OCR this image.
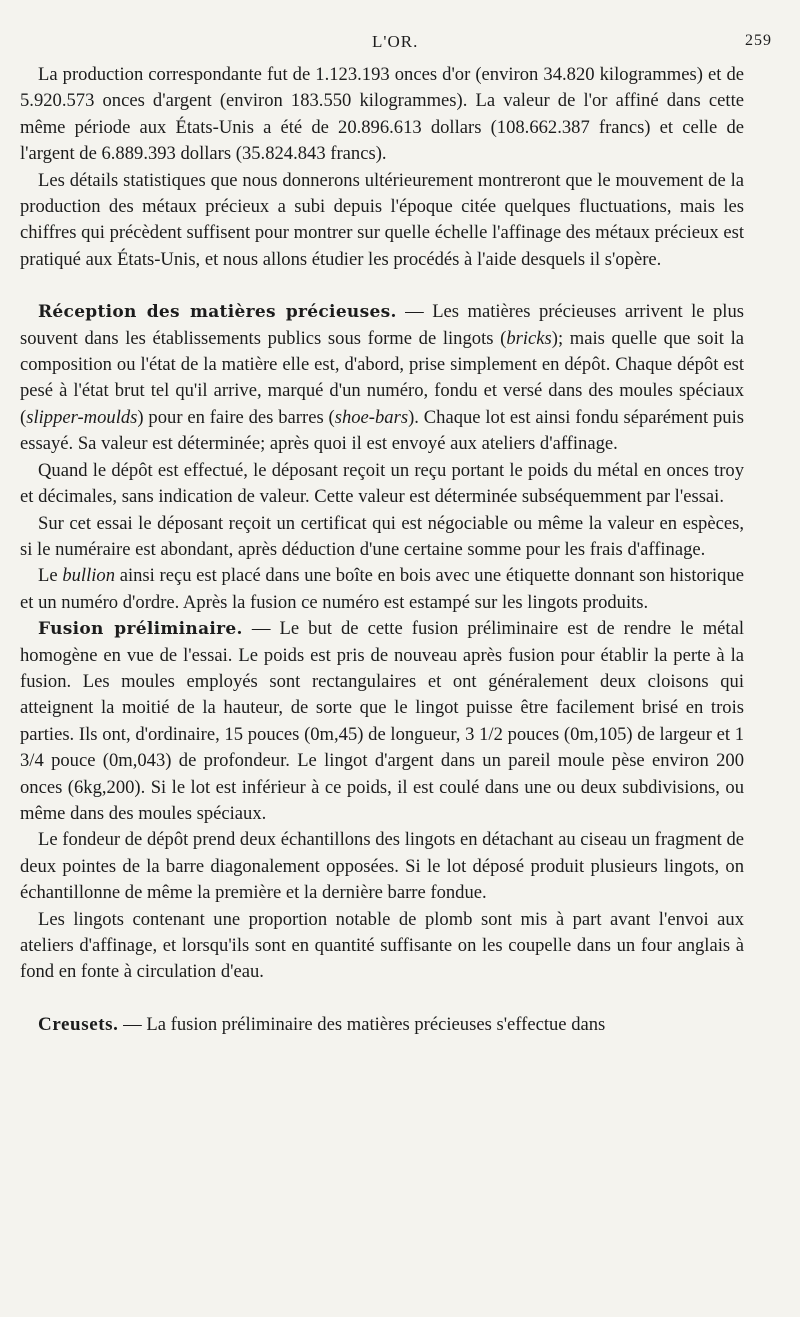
L'OR.	259

La production correspondante fut de 1.123.193 onces d'or (environ 34.820 kilogrammes) et de 5.920.573 onces d'argent (environ 183.550 kilogrammes). La valeur de l'or affiné dans cette même période aux États-Unis a été de 20.896.613 dollars (108.662.387 francs) et celle de l'argent de 6.889.393 dollars (35.824.843 francs).

Les détails statistiques que nous donnerons ultérieurement montreront que le mouvement de la production des métaux précieux a subi depuis l'époque citée quelques fluctuations, mais les chiffres qui précèdent suffisent pour montrer sur quelle échelle l'affinage des métaux précieux est pratiqué aux États-Unis, et nous allons étudier les procédés à l'aide desquels il s'opère.

Réception des matières précieuses. — Les matières précieuses arrivent le plus souvent dans les établissements publics sous forme de lingots (bricks); mais quelle que soit la composition ou l'état de la matière elle est, d'abord, prise simplement en dépôt. Chaque dépôt est pesé à l'état brut tel qu'il arrive, marqué d'un numéro, fondu et versé dans des moules spéciaux (slipper-moulds) pour en faire des barres (shoe-bars). Chaque lot est ainsi fondu séparément puis essayé. Sa valeur est déterminée; après quoi il est envoyé aux ateliers d'affinage.

Quand le dépôt est effectué, le déposant reçoit un reçu portant le poids du métal en onces troy et décimales, sans indication de valeur. Cette valeur est déterminée subséquemment par l'essai.

Sur cet essai le déposant reçoit un certificat qui est négociable ou même la valeur en espèces, si le numéraire est abondant, après déduction d'une certaine somme pour les frais d'affinage.

Le bullion ainsi reçu est placé dans une boîte en bois avec une étiquette donnant son historique et un numéro d'ordre. Après la fusion ce numéro est estampé sur les lingots produits.

Fusion préliminaire. — Le but de cette fusion préliminaire est de rendre le métal homogène en vue de l'essai. Le poids est pris de nouveau après fusion pour établir la perte à la fusion. Les moules employés sont rectangulaires et ont généralement deux cloisons qui atteignent la moitié de la hauteur, de sorte que le lingot puisse être facilement brisé en trois parties. Ils ont, d'ordinaire, 15 pouces (0m,45) de longueur, 3 1/2 pouces (0m,105) de largeur et 1 3/4 pouce (0m,043) de profondeur. Le lingot d'argent dans un pareil moule pèse environ 200 onces (6kg,200). Si le lot est inférieur à ce poids, il est coulé dans une ou deux subdivisions, ou même dans des moules spéciaux.

Le fondeur de dépôt prend deux échantillons des lingots en détachant au ciseau un fragment de deux pointes de la barre diagonalement opposées. Si le lot déposé produit plusieurs lingots, on échantillonne de même la première et la dernière barre fondue.

Les lingots contenant une proportion notable de plomb sont mis à part avant l'envoi aux ateliers d'affinage, et lorsqu'ils sont en quantité suffisante on les coupelle dans un four anglais à fond en fonte à circulation d'eau.

Creusets. — La fusion préliminaire des matières précieuses s'effectue dans
